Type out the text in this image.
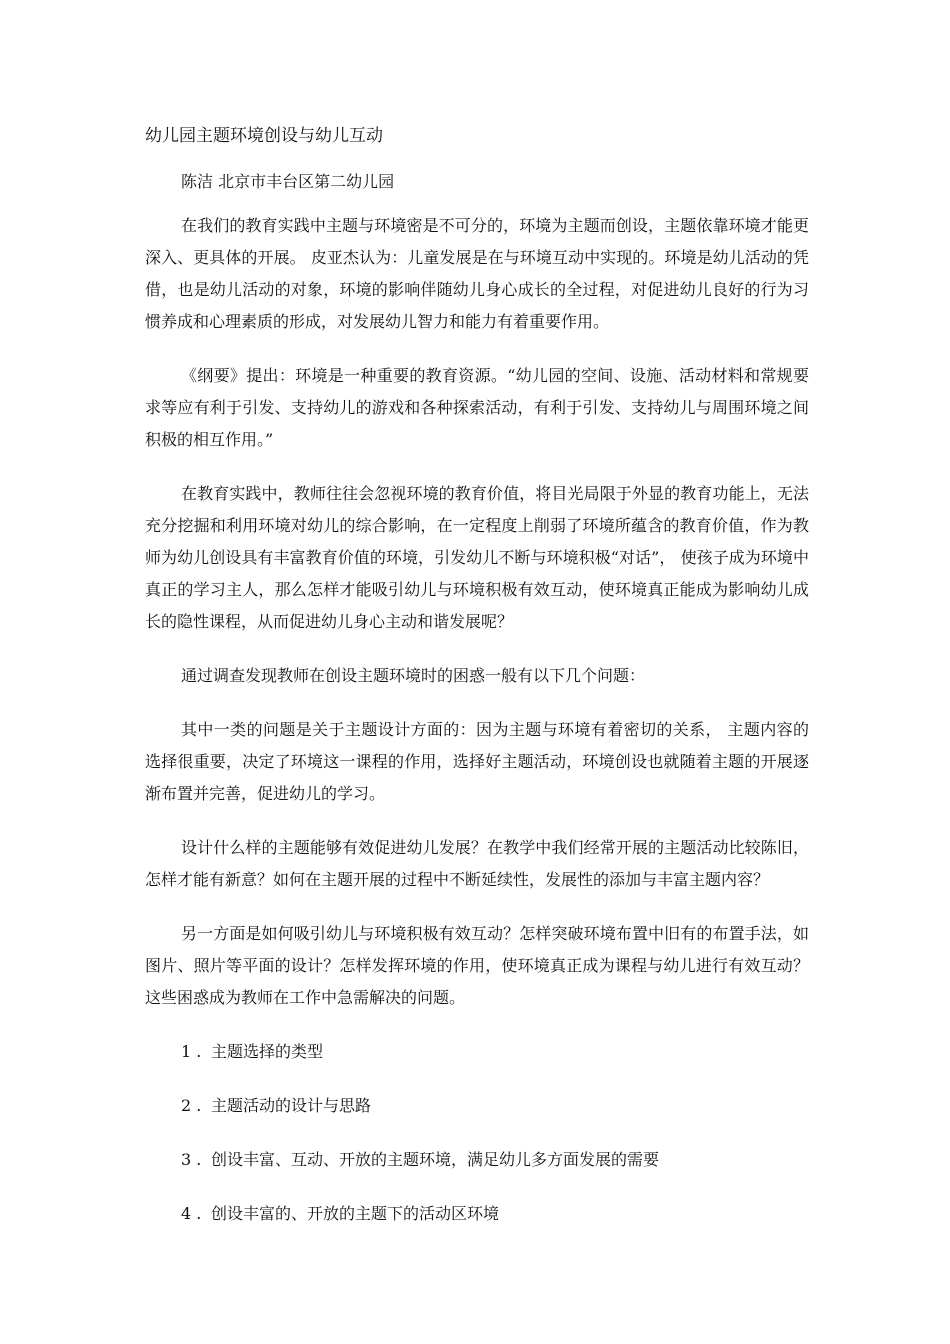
幼儿园主题环境创设与幼儿互动

陈洁 北京市丰台区第二幼儿园

在我们的教育实践中主题与环境密是不可分的，环境为主题而创设，主题依靠环境才能更深入、更具体的开展。 皮亚杰认为：儿童发展是在与环境互动中实现的。环境是幼儿活动的凭借，也是幼儿活动的对象，环境的影响伴随幼儿身心成长的全过程，对促进幼儿良好的行为习惯养成和心理素质的形成，对发展幼儿智力和能力有着重要作用。

《纲要》提出：环境是一种重要的教育资源。“幼儿园的空间、设施、活动材料和常规要求等应有利于引发、支持幼儿的游戏和各种探索活动，有利于引发、支持幼儿与周围环境之间积极的相互作用。”

在教育实践中，教师往往会忽视环境的教育价值，将目光局限于外显的教育功能上，无法充分挖掘和利用环境对幼儿的综合影响，在一定程度上削弱了环境所蕴含的教育价值，作为教师为幼儿创设具有丰富教育价值的环境，引发幼儿不断与环境积极“对话”， 使孩子成为环境中真正的学习主人，那么怎样才能吸引幼儿与环境积极有效互动，使环境真正能成为影响幼儿成长的隐性课程，从而促进幼儿身心主动和谐发展呢？

通过调查发现教师在创设主题环境时的困惑一般有以下几个问题：

其中一类的问题是关于主题设计方面的：因为主题与环境有着密切的关系， 主题内容的选择很重要，决定了环境这一课程的作用，选择好主题活动，环境创设也就随着主题的开展逐渐布置并完善，促进幼儿的学习。

设计什么样的主题能够有效促进幼儿发展？在教学中我们经常开展的主题活动比较陈旧，怎样才能有新意？如何在主题开展的过程中不断延续性，发展性的添加与丰富主题内容？

另一方面是如何吸引幼儿与环境积极有效互动？怎样突破环境布置中旧有的布置手法，如图片、照片等平面的设计？怎样发挥环境的作用，使环境真正成为课程与幼儿进行有效互动？这些困惑成为教师在工作中急需解决的问题。

1 . 主题选择的类型
2 . 主题活动的设计与思路
3 . 创设丰富、互动、开放的主题环境，满足幼儿多方面发展的需要
4 . 创设丰富的、开放的主题下的活动区环境
